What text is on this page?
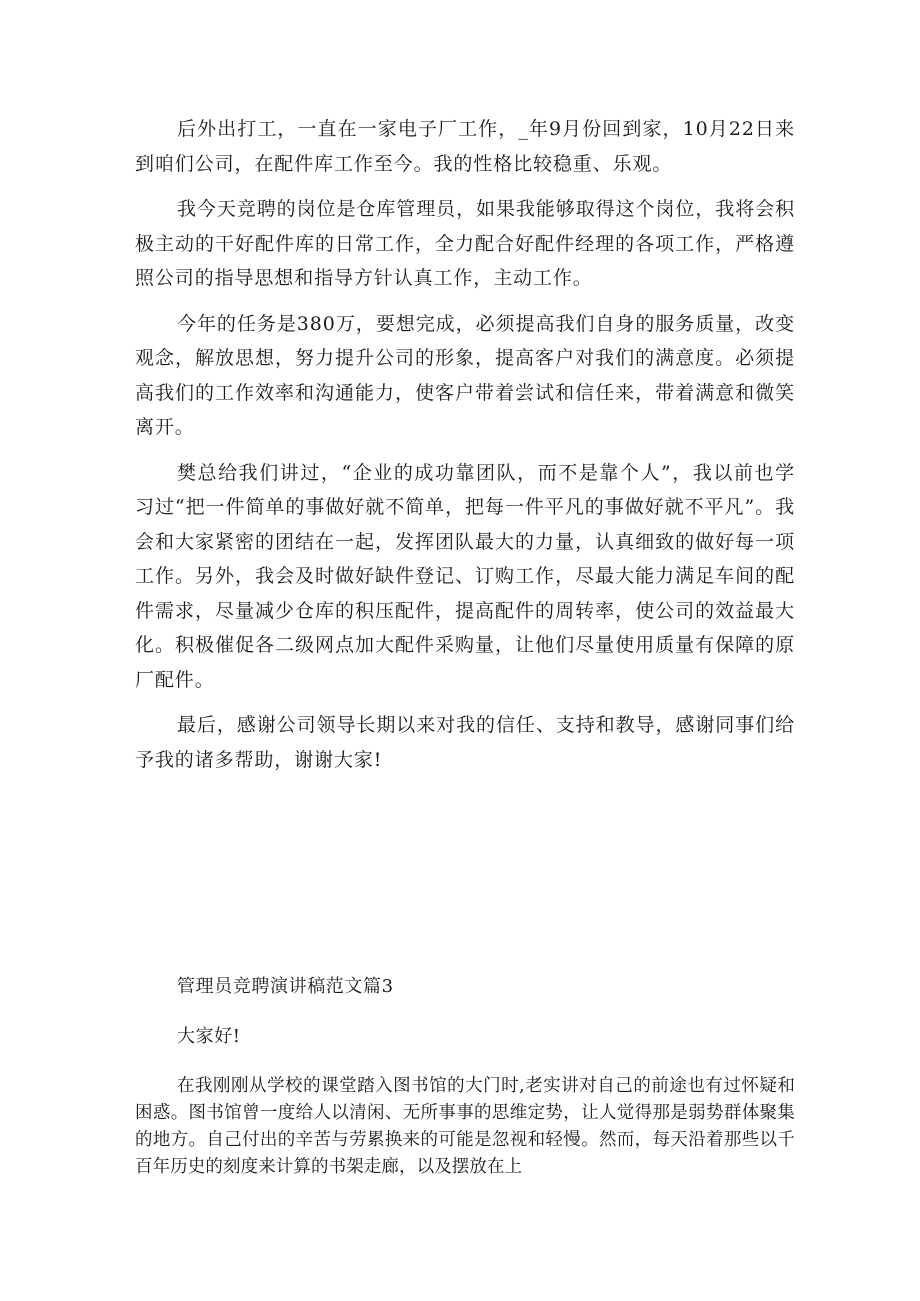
后外出打工，一直在一家电子厂工作，_年9月份回到家，10月22日来到咱们公司，在配件库工作至今。我的性格比较稳重、乐观。

我今天竞聘的岗位是仓库管理员，如果我能够取得这个岗位，我将会积极主动的干好配件库的日常工作，全力配合好配件经理的各项工作，严格遵照公司的指导思想和指导方针认真工作，主动工作。

今年的任务是380万，要想完成，必须提高我们自身的服务质量，改变观念，解放思想，努力提升公司的形象，提高客户对我们的满意度。必须提高我们的工作效率和沟通能力，使客户带着尝试和信任来，带着满意和微笑离开。

樊总给我们讲过，“企业的成功靠团队，而不是靠个人”，我以前也学习过“把一件简单的事做好就不简单，把每一件平凡的事做好就不平凡”。我会和大家紧密的团结在一起，发挥团队最大的力量，认真细致的做好每一项工作。另外，我会及时做好缺件登记、订购工作，尽最大能力满足车间的配件需求，尽量减少仓库的积压配件，提高配件的周转率，使公司的效益最大化。积极催促各二级网点加大配件采购量，让他们尽量使用质量有保障的原厂配件。

最后，感谢公司领导长期以来对我的信任、支持和教导，感谢同事们给予我的诸多帮助，谢谢大家!

管理员竞聘演讲稿范文篇3

大家好!

在我刚刚从学校的课堂踏入图书馆的大门时,老实讲对自己的前途也有过怀疑和困惑。图书馆曾一度给人以清闲、无所事事的思维定势，让人觉得那是弱势群体聚集的地方。自己付出的辛苦与劳累换来的可能是忽视和轻慢。然而，每天沿着那些以千百年历史的刻度来计算的书架走廊，以及摆放在上
